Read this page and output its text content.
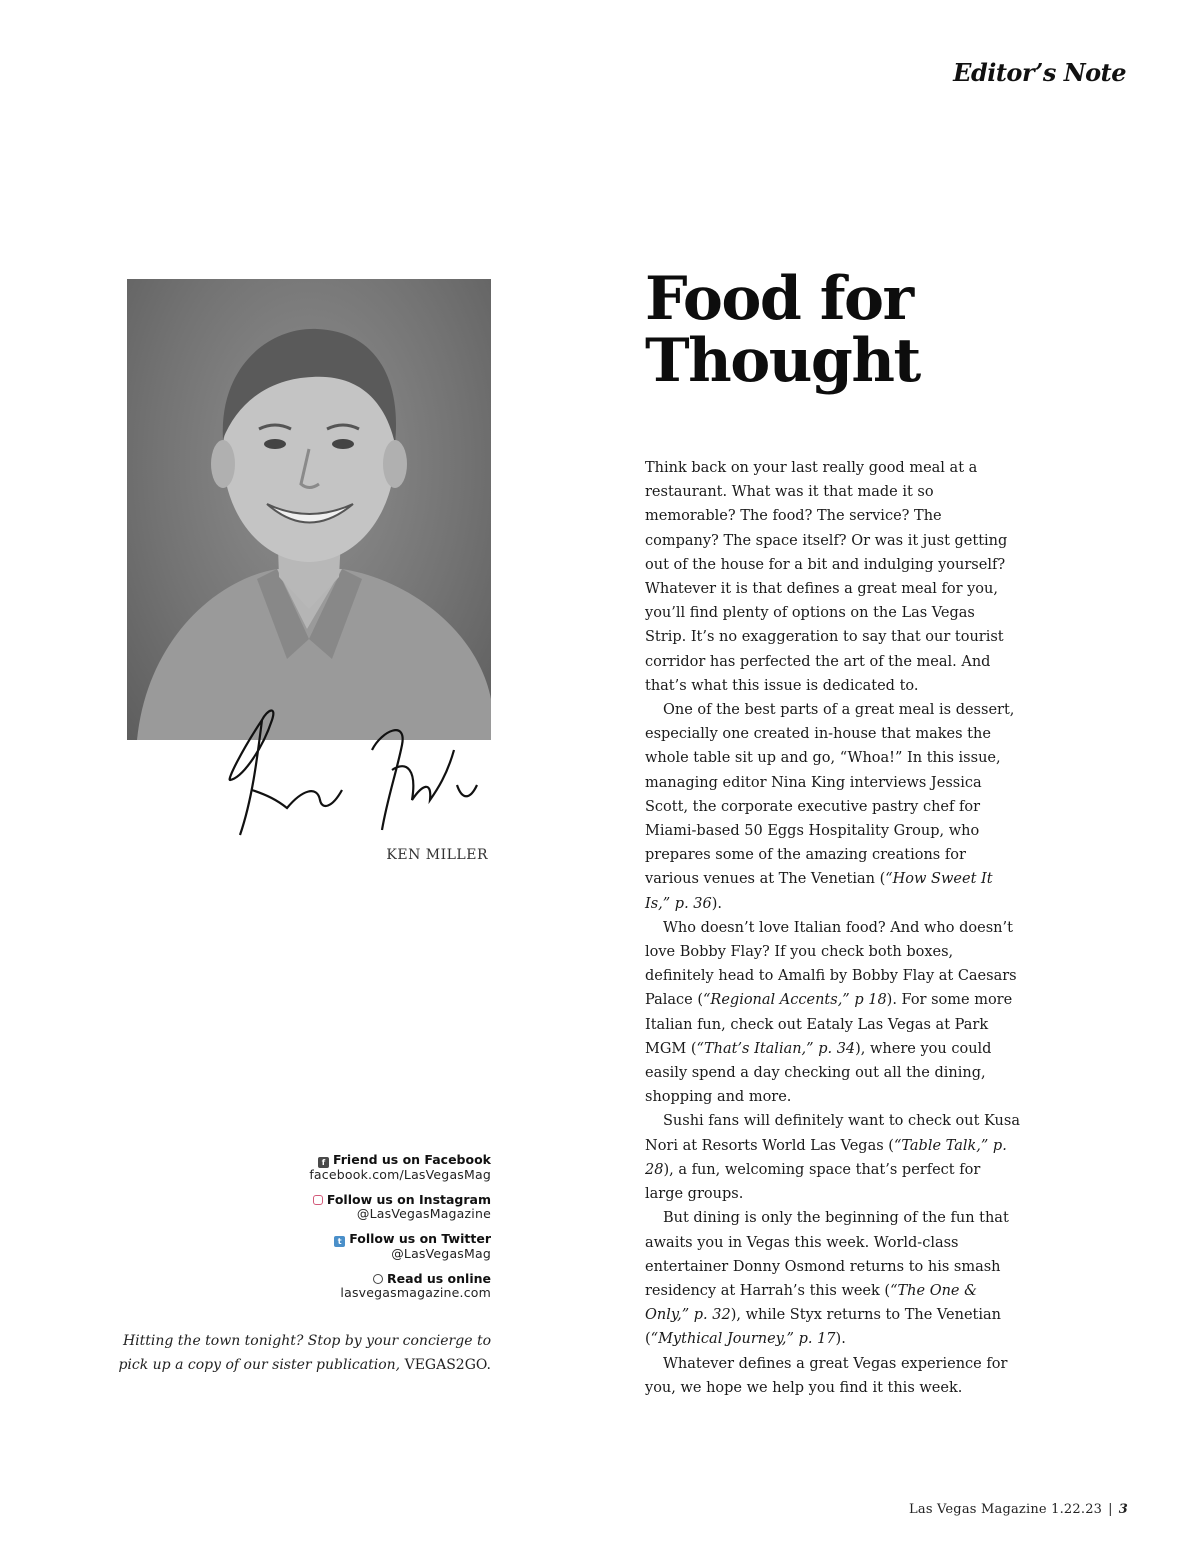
Editor’s Note
KEN MILLER
f Friend us on Facebook
facebook.com/LasVegasMag
Follow us on Instagram
@LasVegasMagazine
t Follow us on Twitter
@LasVegasMag
Read us online
lasvegasmagazine.com
Hitting the town tonight? Stop by your concierge to pick up a copy of our sister publication, VEGAS2GO.
Food for Thought

Think back on your last really good meal at a restaurant. What was it that made it so memorable? The food? The service? The company? The space itself? Or was it just getting out of the house for a bit and indulging yourself? Whatever it is that defines a great meal for you, you’ll find plenty of options on the Las Vegas Strip. It’s no exaggeration to say that our tourist corridor has perfected the art of the meal. And that’s what this issue is dedicated to.

One of the best parts of a great meal is dessert, especially one created in-house that makes the whole table sit up and go, “Whoa!” In this issue, managing editor Nina King interviews Jessica Scott, the corporate executive pastry chef for Miami-based 50 Eggs Hospitality Group, who prepares some of the amazing creations for various venues at The Venetian (“How Sweet It Is,” p. 36).

Who doesn’t love Italian food? And who doesn’t love Bobby Flay? If you check both boxes, definitely head to Amalfi by Bobby Flay at Caesars Palace (“Regional Accents,” p 18). For some more Italian fun, check out Eataly Las Vegas at Park MGM (“That’s Italian,” p. 34), where you could easily spend a day checking out all the dining, shopping and more.

Sushi fans will definitely want to check out Kusa Nori at Resorts World Las Vegas (“Table Talk,” p. 28), a fun, welcoming space that’s perfect for large groups.

But dining is only the beginning of the fun that awaits you in Vegas this week. World-class entertainer Donny Osmond returns to his smash residency at Harrah’s this week (“The One & Only,” p. 32), while Styx returns to The Venetian (“Mythical Journey,” p. 17).

Whatever defines a great Vegas experience for you, we hope we help you find it this week.

Las Vegas Magazine 1.22.23 | 3
